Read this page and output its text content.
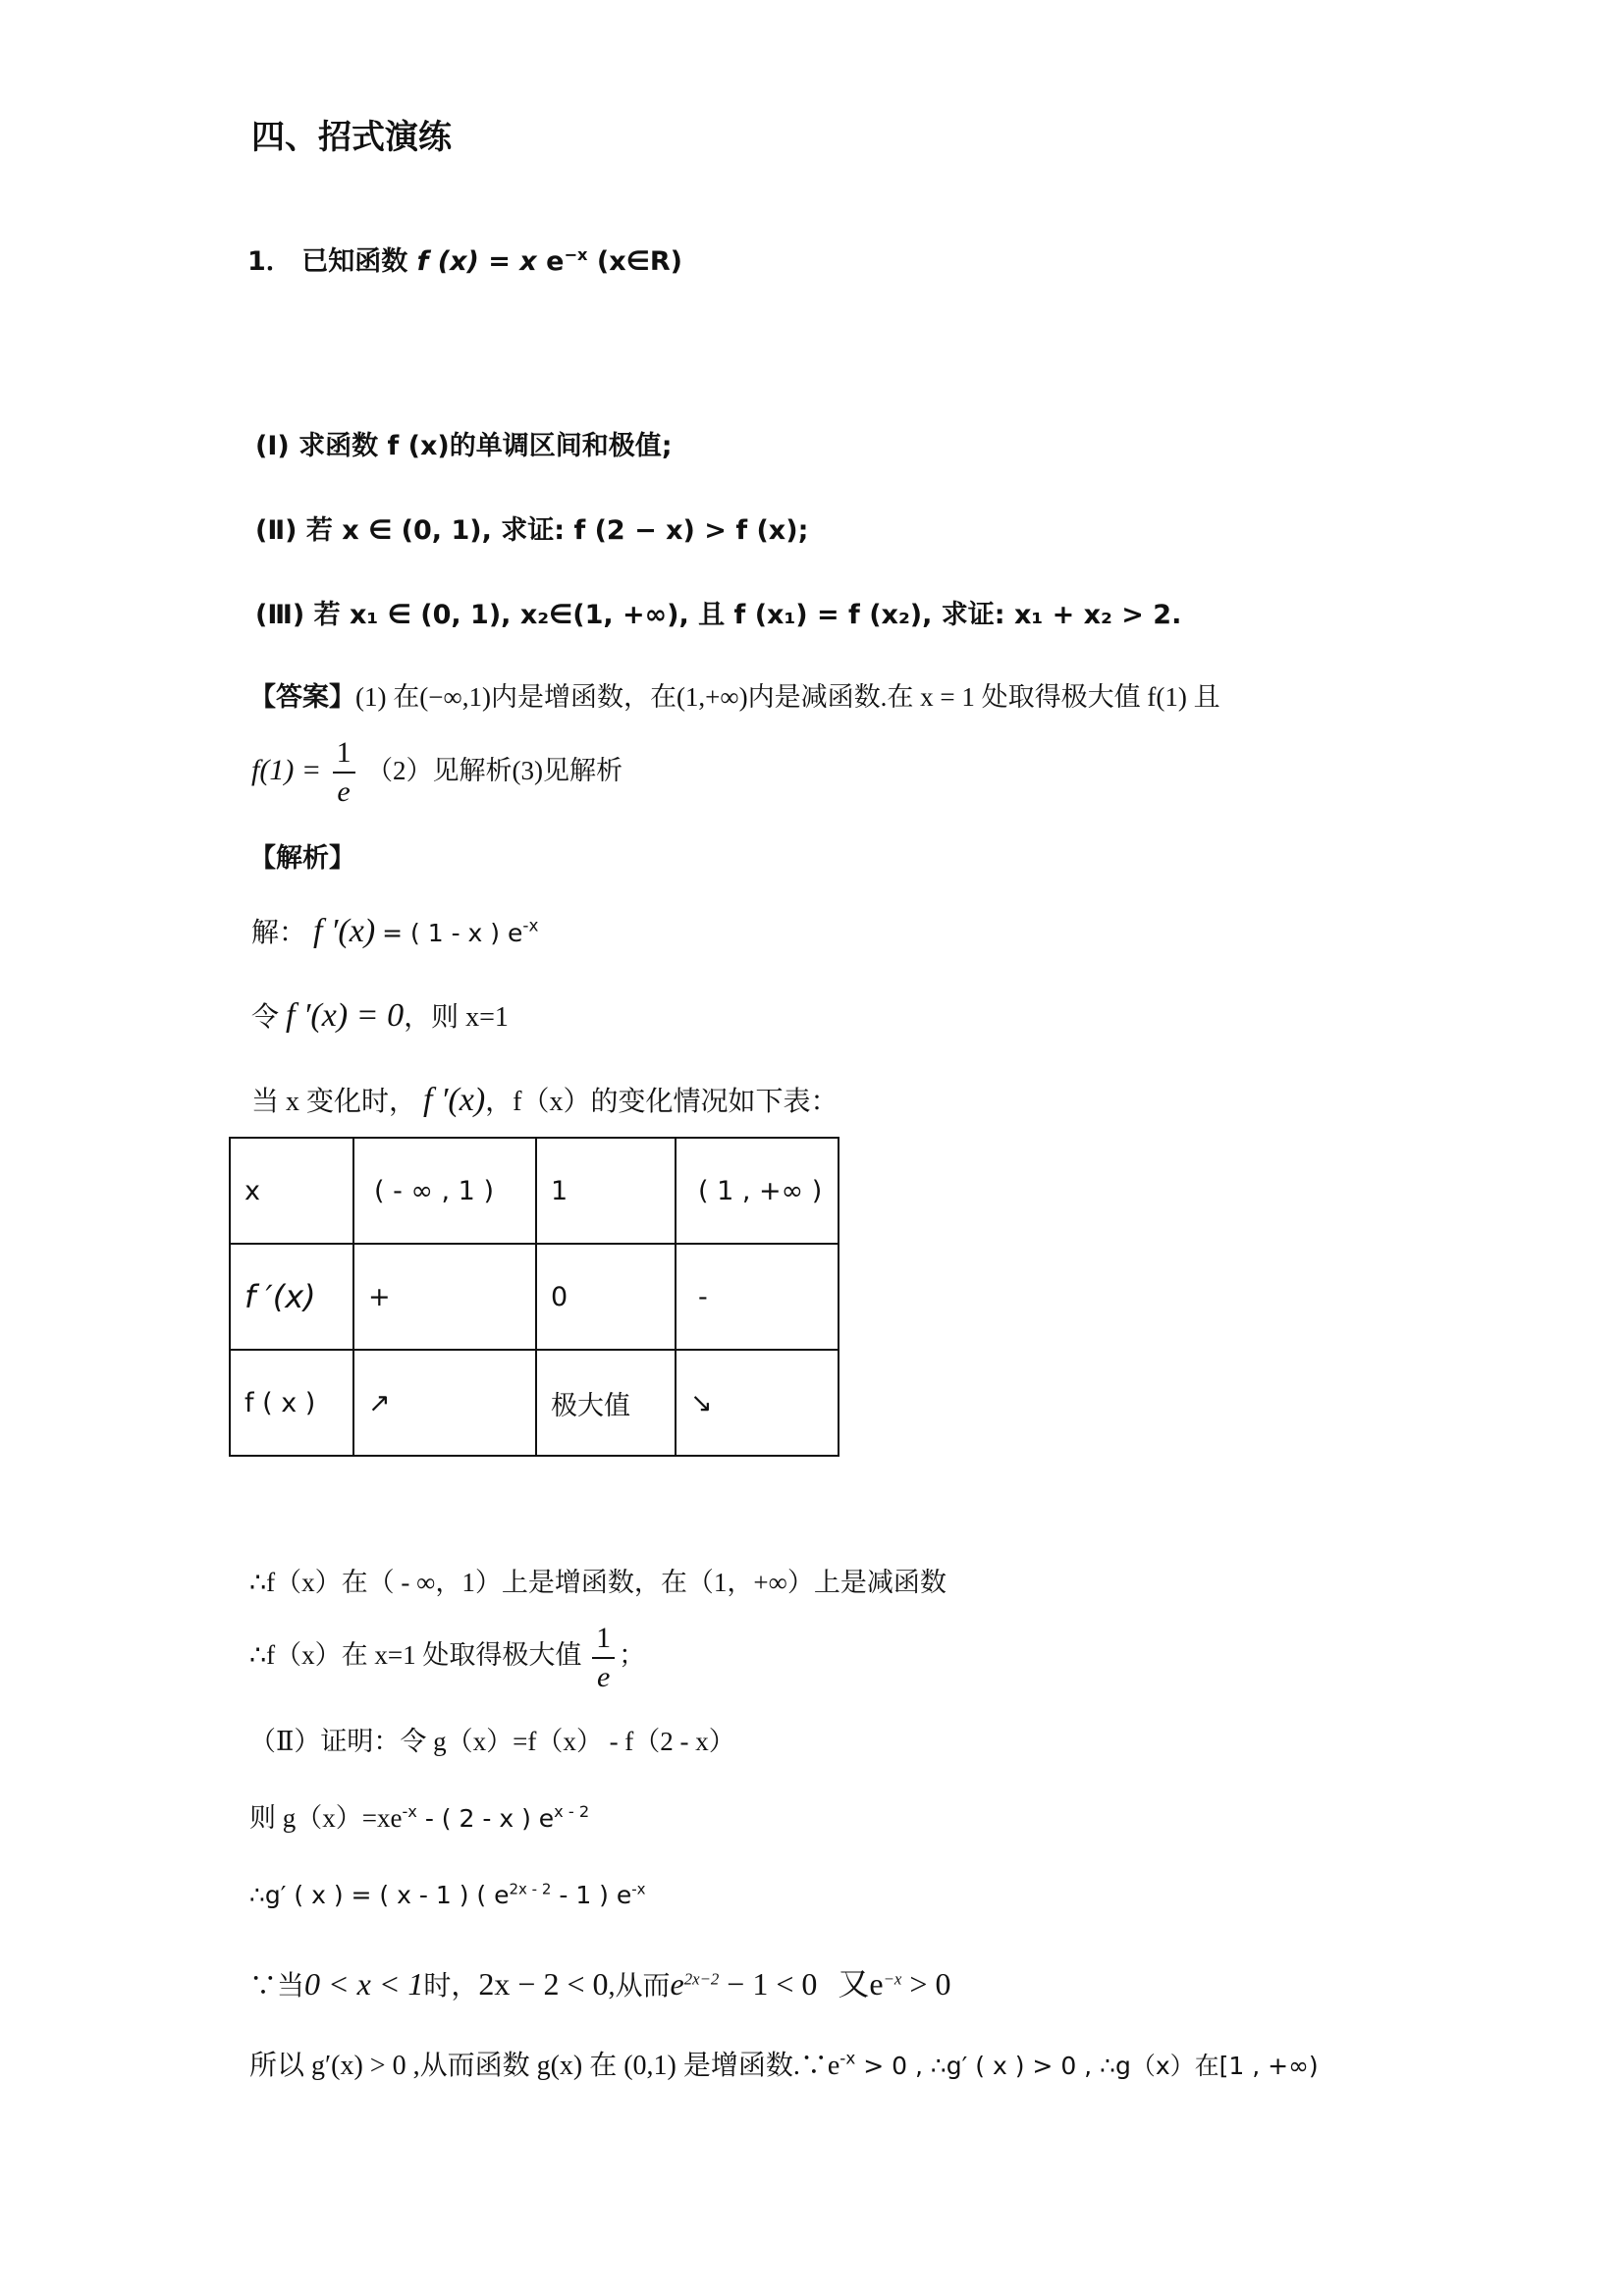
四、招式演练
1． 已知函数 f (x) = x $e^{-x}$ (x∈R)
(Ⅰ) 求函数 f (x)的单调区间和极值;
(Ⅱ) 若 x ∈ (0, 1), 求证: f (2 − x) > f (x);
(Ⅲ) 若 x₁ ∈ (0, 1), x₂∈(1, +∞), 且 f (x₁) = f (x₂), 求证: x₁ + x₂ > 2.
【答案】(1) 在(−∞,1)内是增函数，在(1,+∞)内是减函数.在 x = 1 处取得极大值 f(1) 且
$f(1) = \frac{1}{e} (2)$见解析(3)见解析
【解析】
解： f ′(x) = ( 1 - x ) $e^{-x}$
令 f ′(x) = 0，则 x=1
当 x 变化时， f ′(x)，f（x）的变化情况如下表：
x	( - ∞ , 1 )	1	( 1 , +∞ )
f ′(x)	+	0	-
f ( x )	↗	极大值	↘
∴f（x）在（ - ∞，1）上是增函数，在（1，+∞）上是减函数
∴f（x）在 x=1 处取得极大值 $\frac{1}{e}$ ；
（Ⅱ）证明：令 g（x）=f（x） - f（2 - x）
则 $g(x)=xe^{-x}$ - ( 2 - x ) $e^{x - 2}$
∴g′ ( x ) = ( x - 1 ) ( $e^{2x - 2} - 1$ ) $e^{-x}$
∵当0 < x < 1时，2x − 2 < 0,从而$e^{2x-2} - 1 < 0$ 又$e^{-x} > 0$
所以 g′(x) > 0 ,从而函数 g(x) 在 (0,1) 是增函数$.\because e^{-x} > 0$ , ∴g′ ( x ) > 0 , ∴g（x）在[1 , +∞)
